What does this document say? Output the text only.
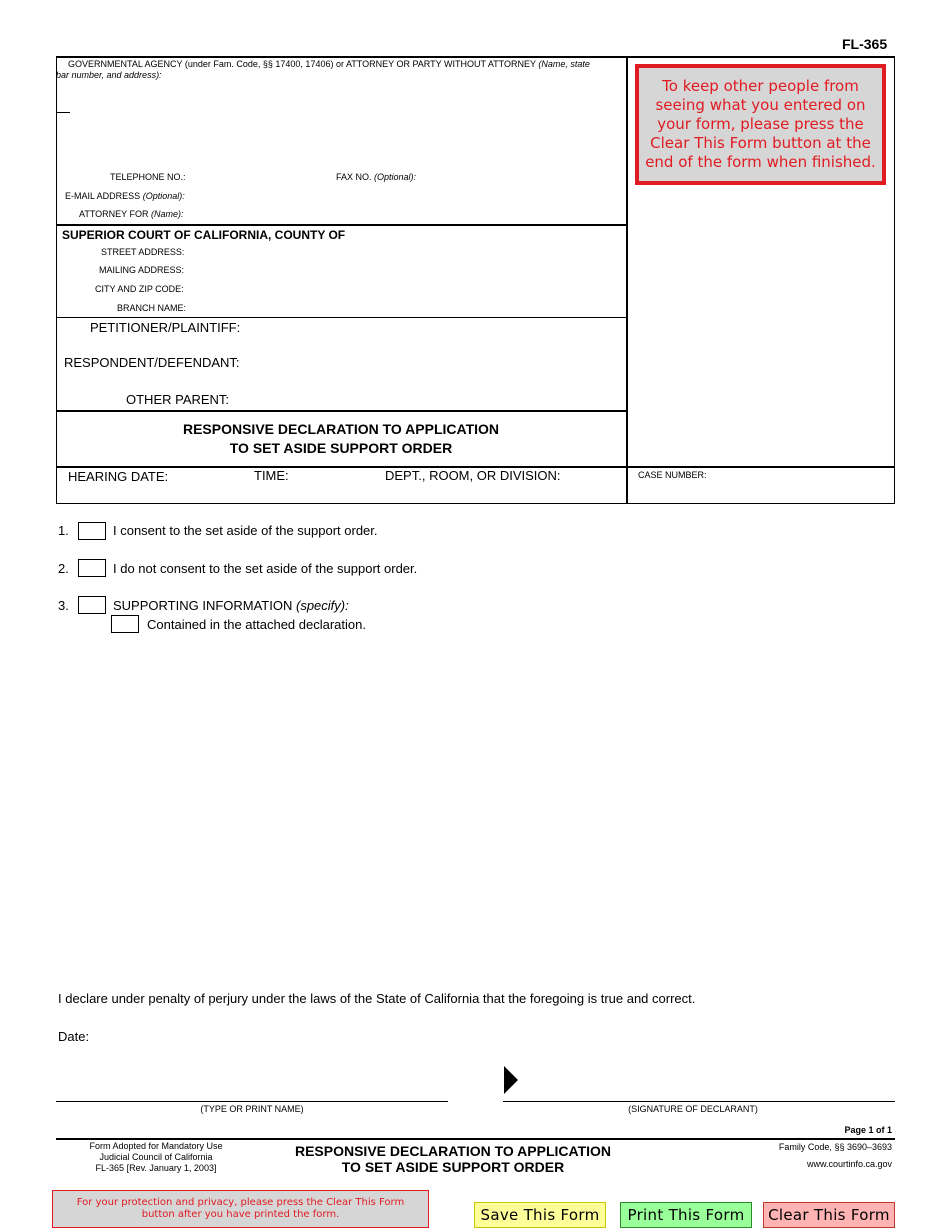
FL-365
GOVERNMENTAL AGENCY (under Fam. Code, §§ 17400, 17406) or ATTORNEY OR PARTY WITHOUT ATTORNEY (Name, state
bar number, and address):
TELEPHONE NO.:	FAX NO. (Optional):
E-MAIL ADDRESS (Optional):
ATTORNEY FOR (Name):
SUPERIOR COURT OF CALIFORNIA, COUNTY OF
STREET ADDRESS:
MAILING ADDRESS:
CITY AND ZIP CODE:
BRANCH NAME:
PETITIONER/PLAINTIFF:
RESPONDENT/DEFENDANT:
OTHER PARENT:
RESPONSIVE DECLARATION TO APPLICATION
TO SET ASIDE SUPPORT ORDER
HEARING DATE:	TIME:	DEPT., ROOM, OR DIVISION:	CASE NUMBER:
To keep other people from seeing what you entered on your form, please press the Clear This Form button at the end of the form when finished.
1.	I consent to the set aside of the support order.
2.	I do not consent to the set aside of the support order.
3.	SUPPORTING INFORMATION (specify):
Contained in the attached declaration.
I declare under penalty of perjury under the laws of the State of California that the foregoing is true and correct.
Date:
(TYPE OR PRINT NAME)	(SIGNATURE OF DECLARANT)
Page 1 of 1
Form Adopted for Mandatory Use
Judicial Council of California
FL-365 [Rev. January 1, 2003]
RESPONSIVE DECLARATION TO APPLICATION
TO SET ASIDE SUPPORT ORDER
Family Code, §§ 3690–3693
www.courtinfo.ca.gov
For your protection and privacy, please press the Clear This Form button after you have printed the form.	Save This Form	Print This Form	Clear This Form
